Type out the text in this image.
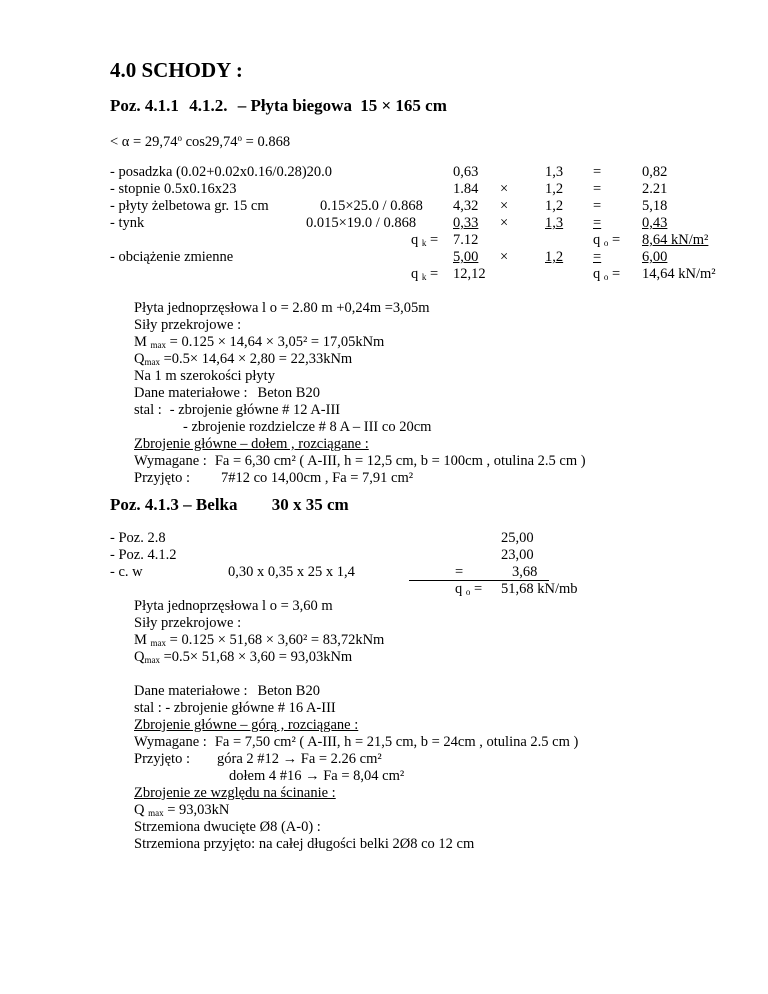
4.0 SCHODY :
Poz. 4.1.1 4.1.2. – Płyta biegowa 15 × 165 cm
< $\alpha = 29,74^o$ $\cos 29,74^o = 0.868$
- posadzka (0.02+0.02x0.16/0.28)20.0	0,63	1,3 =	0,82
- stopnie 0.5x0.16x23	1.84 ×	1,2 =	2.21
- płyty żelbetowa gr. 15 cm	0.15×25.0 / 0.868 4,32 ×	1,2 =	5,18
- tynk	0.015×19.0 / 0.868	0,33 ×	1,3 =	0,43
q $_k$ = 7.12	q $_o$ = 8,64 kN/m²
- obciążenie zmienne	5,00 ×	1,2 =	6,00
q $_k$ = 12,12	q $_o$ = 14,64 kN/m²
Płyta jednoprzęsłowa l o = 2.80 m +0,24m =3,05m
Siły przekrojowe :
M $_{max}$ = 0.125 × 14,64 × 3,05² = 17,05kNm
$Q_{max} =0.5\times 14,64 \times 2,80 = 22,33kNm$
Na 1 m szerokości płyty
Dane materiałowe : Beton B20
stal : - zbrojenie główne # 12 A-III
- zbrojenie rozdzielcze # 8 A – III co 20cm
Zbrojenie główne – dołem , rozciągane :
Wymagane : Fa = 6,30 cm² ( A-III, h = 12,5 cm, b = 100cm , otulina 2.5 cm )
Przyjęto : 7#12 co 14,00cm , Fa = 7,91 cm²
Poz. 4.1.3 – Belka 30 x 35 cm
- Poz. 2.8	25,00
- Poz. 4.1.2	23,00
- c. w	0,30 x 0,35 x 25 x 1,4	=	3,68
q $_o$ = 51,68 kN/mb
Płyta jednoprzęsłowa l o = 3,60 m
Siły przekrojowe :
M $_{max}$ = 0.125 × 51,68 × 3,60² = 83,72kNm
$Q_{max} =0.5\times 51,68 \times 3,60 = 93,03kNm$
Dane materiałowe : Beton B20
stal : - zbrojenie główne # 16 A-III
Zbrojenie główne – górą , rozciągane :
Wymagane : Fa = 7,50 cm² ( A-III, h = 21,5 cm, b = 24cm , otulina 2.5 cm )
Przyjęto : góra 2 #12 → Fa = 2.26 cm²
dołem 4 #16 → Fa = 8,04 cm²
Zbrojenie ze względu na ścinanie :
Q $_{max}$ = 93,03kN
Strzemiona dwucięte Ø8 (A-0) :
Strzemiona przyjęto: na całej długości belki 2Ø8 co 12 cm
